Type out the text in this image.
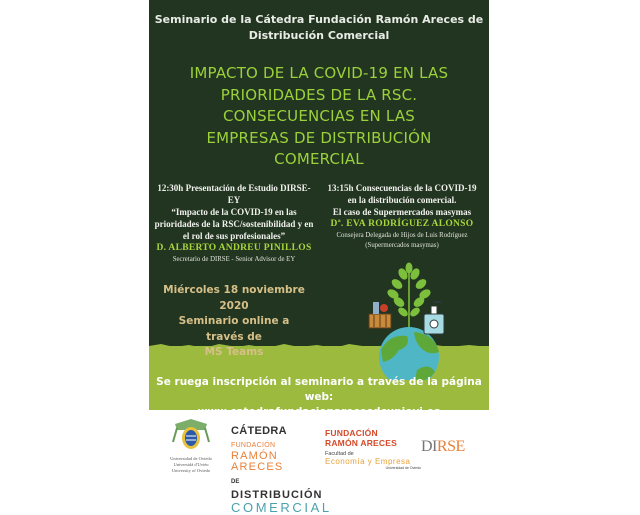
Seminario de la Cátedra Fundación Ramón Areces de
Distribución Comercial
IMPACTO DE LA COVID-19 EN LAS
PRIORIDADES DE LA RSC.
CONSECUENCIAS EN LAS
EMPRESAS DE DISTRIBUCIÓN
COMERCIAL
12:30h Presentación de Estudio DIRSE-EY
“Impacto de la COVID-19 en las
prioridades de la RSC/sostenibilidad y en
el rol de sus profesionales”
D. ALBERTO ANDREU PINILLOS
Secretario de DIRSE - Senior Advisor de EY
13:15h Consecuencias de la COVID-19
en la distribución comercial.
El caso de Supermercados masymas
Dª. EVA RODRÍGUEZ ALONSO
Consejera Delegada de Hijos de Luis Rodríguez
(Supermercados masymas)
Miércoles 18 noviembre 2020
Seminario online a través de
MS Teams
Se ruega inscripción al seminario a través de la página web:
www.catedrafundacionarecesdcuniovi.es
Universidad de Oviedo
Universidá d'Uviéu
University of Oviedo
CÁTEDRA FUNDACIÓN
RAMÓN ARECES
DE DISTRIBUCIÓN
COMERCIAL
FUNDACIÓN
RAMÓN ARECES
Facultad de
Economía y Empresa
Universidad de Oviedo
DIRSE
